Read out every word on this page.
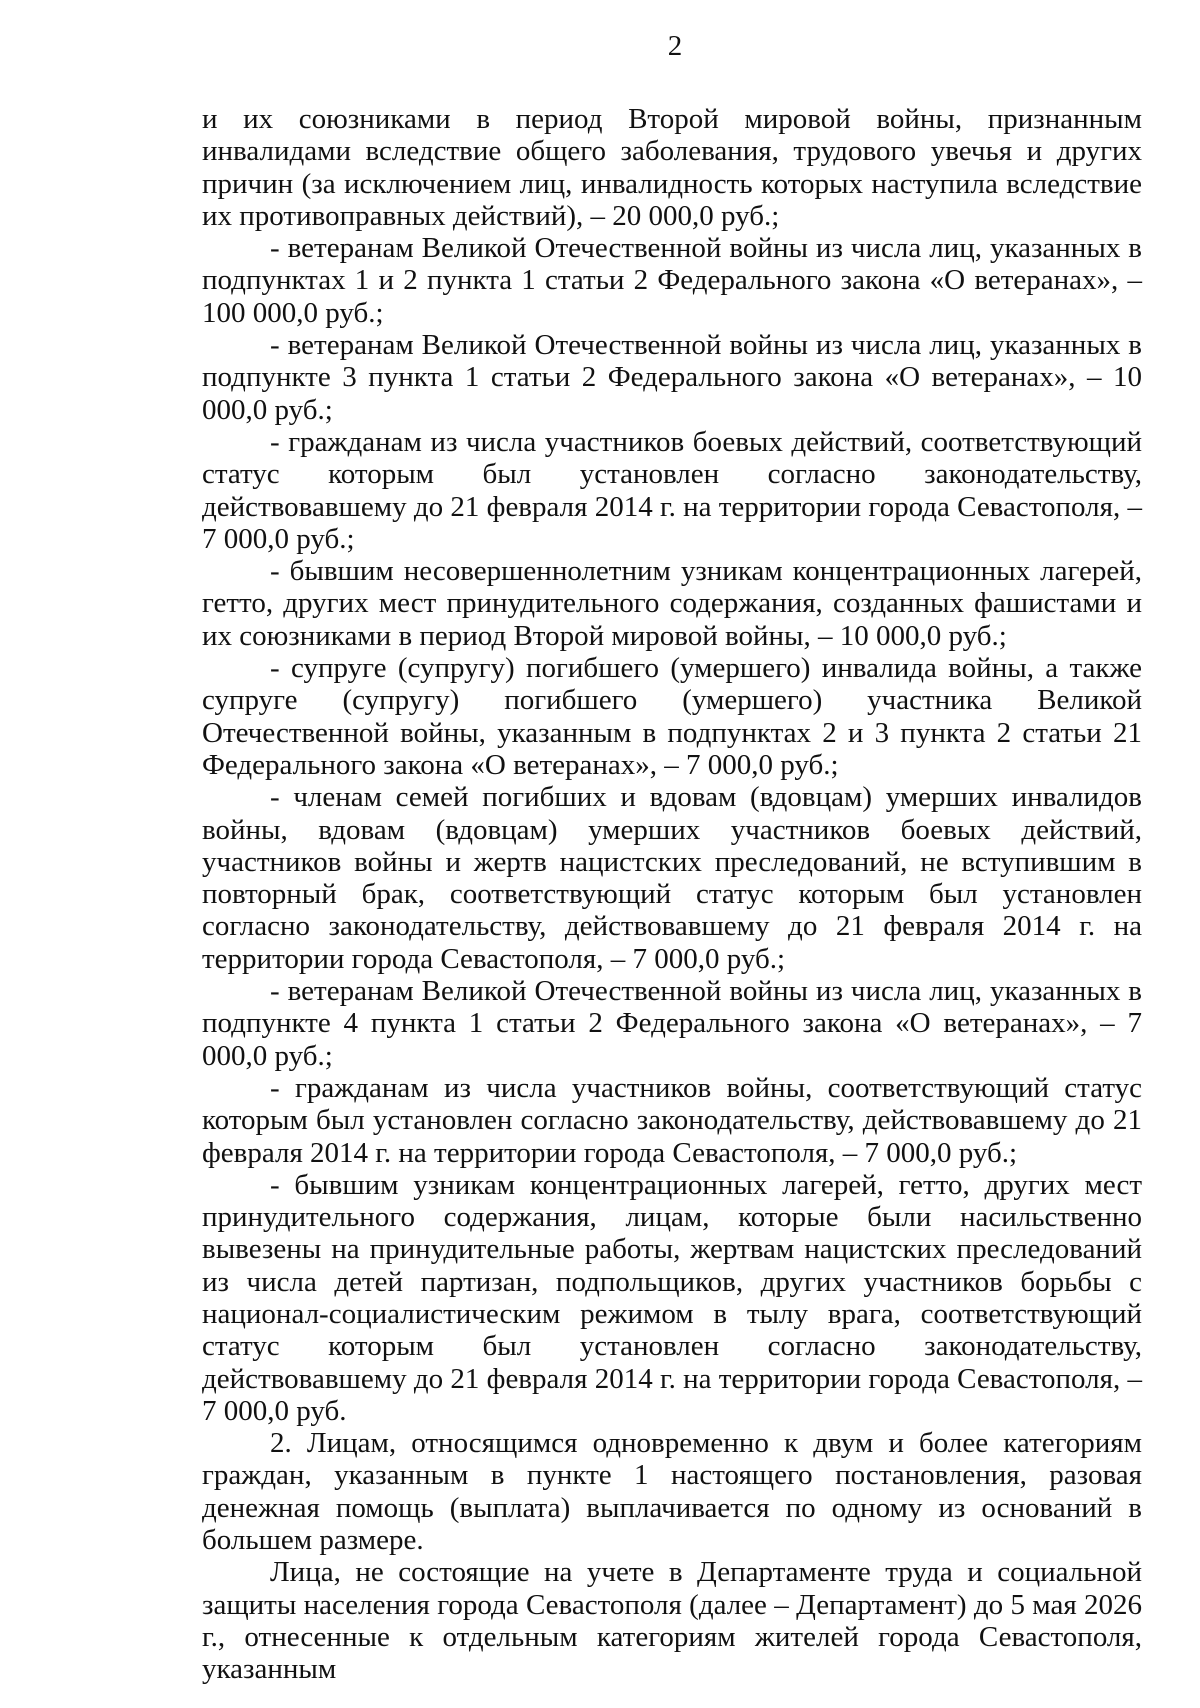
2

и их союзниками в период Второй мировой войны, признанным инвалидами вследствие общего заболевания, трудового увечья и других причин (за исключением лиц, инвалидность которых наступила вследствие их противоправных действий), – 20 000,0 руб.;

- ветеранам Великой Отечественной войны из числа лиц, указанных в подпунктах 1 и 2 пункта 1 статьи 2 Федерального закона «О ветеранах», – 100 000,0 руб.;

- ветеранам Великой Отечественной войны из числа лиц, указанных в подпункте 3 пункта 1 статьи 2 Федерального закона «О ветеранах», – 10 000,0 руб.;

- гражданам из числа участников боевых действий, соответствующий статус которым был установлен согласно законодательству, действовавшему до 21 февраля 2014 г. на территории города Севастополя, – 7 000,0 руб.;

- бывшим несовершеннолетним узникам концентрационных лагерей, гетто, других мест принудительного содержания, созданных фашистами и их союзниками в период Второй мировой войны, – 10 000,0 руб.;

- супруге (супругу) погибшего (умершего) инвалида войны, а также супруге (супругу) погибшего (умершего) участника Великой Отечественной войны, указанным в подпунктах 2 и 3 пункта 2 статьи 21 Федерального закона «О ветеранах», – 7 000,0 руб.;

- членам семей погибших и вдовам (вдовцам) умерших инвалидов войны, вдовам (вдовцам) умерших участников боевых действий, участников войны и жертв нацистских преследований, не вступившим в повторный брак, соответствующий статус которым был установлен согласно законодательству, действовавшему до 21 февраля 2014 г. на территории города Севастополя, – 7 000,0 руб.;

- ветеранам Великой Отечественной войны из числа лиц, указанных в подпункте 4 пункта 1 статьи 2 Федерального закона «О ветеранах», – 7 000,0 руб.;

- гражданам из числа участников войны, соответствующий статус которым был установлен согласно законодательству, действовавшему до 21 февраля 2014 г. на территории города Севастополя, – 7 000,0 руб.;

- бывшим узникам концентрационных лагерей, гетто, других мест принудительного содержания, лицам, которые были насильственно вывезены на принудительные работы, жертвам нацистских преследований из числа детей партизан, подпольщиков, других участников борьбы с национал-социалистическим режимом в тылу врага, соответствующий статус которым был установлен согласно законодательству, действовавшему до 21 февраля 2014 г. на территории города Севастополя, – 7 000,0 руб.

2. Лицам, относящимся одновременно к двум и более категориям граждан, указанным в пункте 1 настоящего постановления, разовая денежная помощь (выплата) выплачивается по одному из оснований в большем размере.

Лица, не состоящие на учете в Департаменте труда и социальной защиты населения города Севастополя (далее – Департамент) до 5 мая 2026 г., отнесенные к отдельным категориям жителей города Севастополя, указанным
